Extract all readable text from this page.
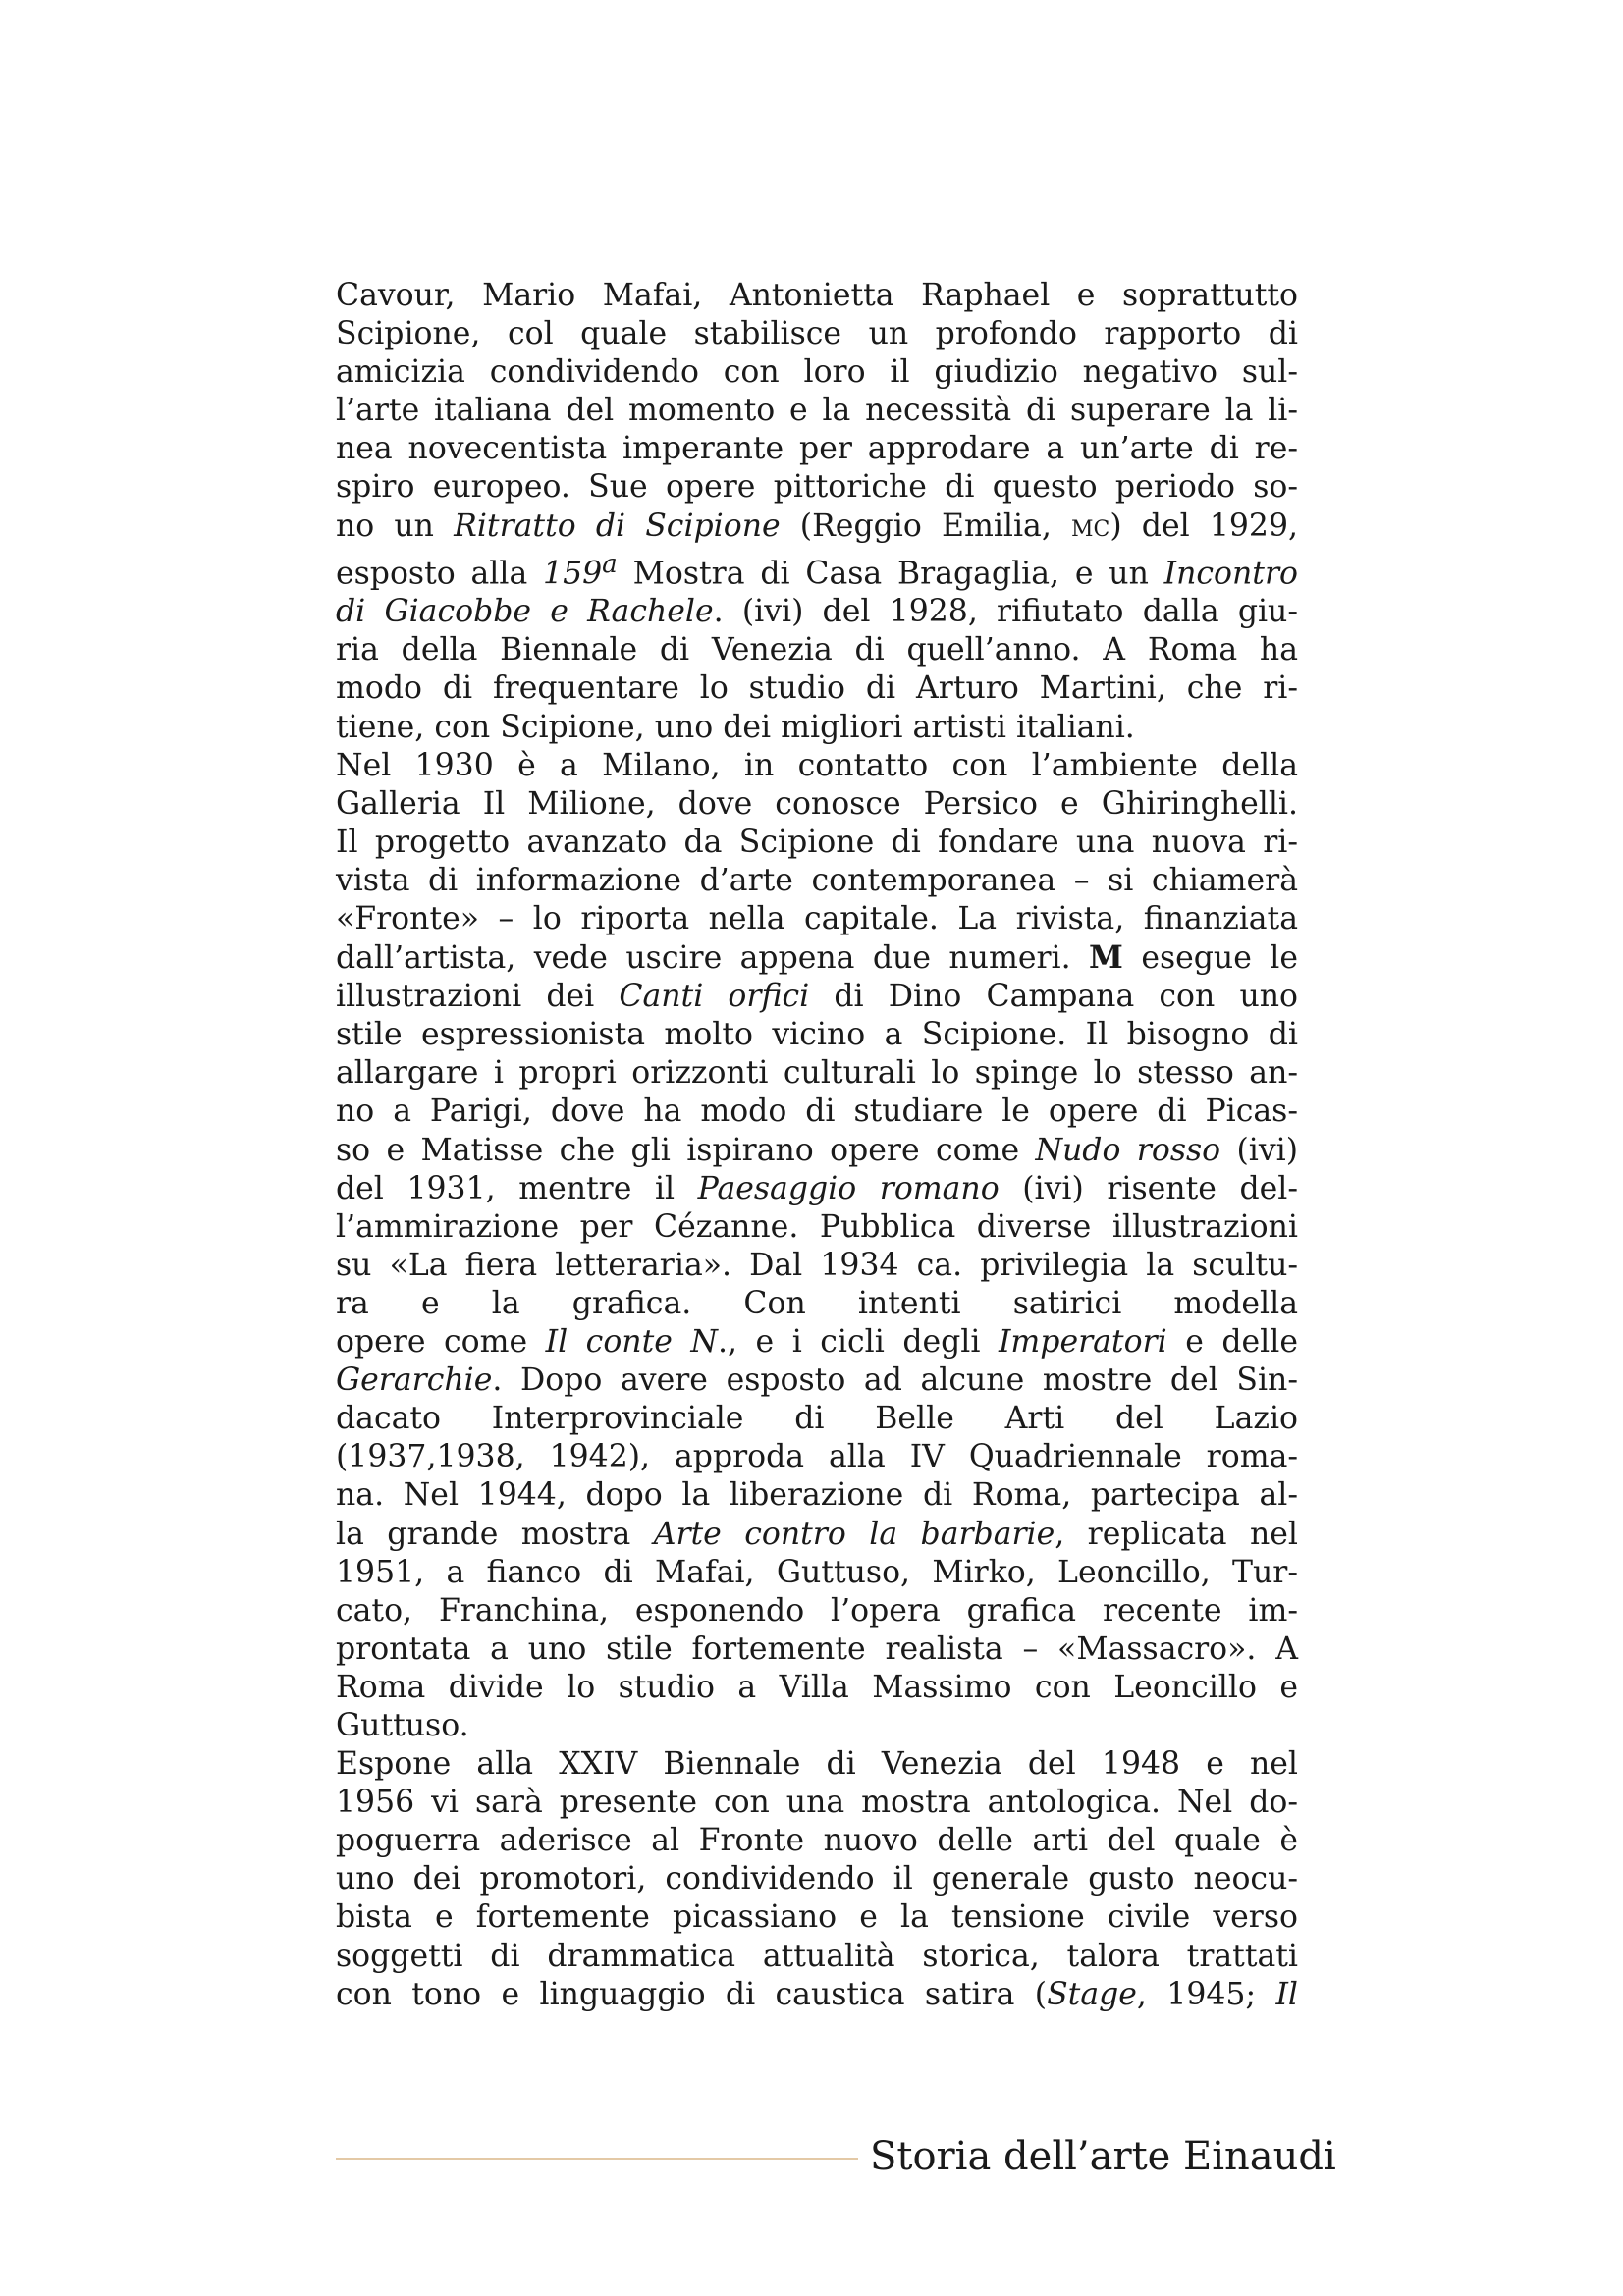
Cavour, Mario Mafai, Antonietta Raphael e soprattutto
Scipione, col quale stabilisce un profondo rapporto di
amicizia condividendo con loro il giudizio negativo sul-
l’arte italiana del momento e la necessità di superare la li-
nea novecentista imperante per approdare a un’arte di re-
spiro europeo. Sue opere pittoriche di questo periodo so-
no un Ritratto di Scipione (Reggio Emilia, mc) del 1929,
esposto alla 159$^a$ Mostra di Casa Bragaglia, e un Incontro
di Giacobbe e Rachele. (ivi) del 1928, rifiutato dalla giu-
ria della Biennale di Venezia di quell’anno. A Roma ha
modo di frequentare lo studio di Arturo Martini, che ri-
tiene, con Scipione, uno dei migliori artisti italiani.
Nel 1930 è a Milano, in contatto con l’ambiente della
Galleria Il Milione, dove conosce Persico e Ghiringhelli.
Il progetto avanzato da Scipione di fondare una nuova ri-
vista di informazione d’arte contemporanea – si chiamerà
«Fronte» – lo riporta nella capitale. La rivista, finanziata
dall’artista, vede uscire appena due numeri. M esegue le
illustrazioni dei Canti orfici di Dino Campana con uno
stile espressionista molto vicino a Scipione. Il bisogno di
allargare i propri orizzonti culturali lo spinge lo stesso an-
no a Parigi, dove ha modo di studiare le opere di Picas-
so e Matisse che gli ispirano opere come Nudo rosso (ivi)
del 1931, mentre il Paesaggio romano (ivi) risente del-
l’ammirazione per Cézanne. Pubblica diverse illustrazioni
su «La fiera letteraria». Dal 1934 ca. privilegia la scultu-
ra e la grafica. Con intenti satirici modella
opere come Il conte N., e i cicli degli Imperatori e delle
Gerarchie. Dopo avere esposto ad alcune mostre del Sin-
dacato Interprovinciale di Belle Arti del Lazio
(1937,1938, 1942), approda alla IV Quadriennale roma-
na. Nel 1944, dopo la liberazione di Roma, partecipa al-
la grande mostra Arte contro la barbarie, replicata nel
1951, a fianco di Mafai, Guttuso, Mirko, Leoncillo, Tur-
cato, Franchina, esponendo l’opera grafica recente im-
prontata a uno stile fortemente realista – «Massacro». A
Roma divide lo studio a Villa Massimo con Leoncillo e
Guttuso.
Espone alla XXIV Biennale di Venezia del 1948 e nel
1956 vi sarà presente con una mostra antologica. Nel do-
poguerra aderisce al Fronte nuovo delle arti del quale è
uno dei promotori, condividendo il generale gusto neocu-
bista e fortemente picassiano e la tensione civile verso
soggetti di drammatica attualità storica, talora trattati
con tono e linguaggio di caustica satira (Stage, 1945; Il
Storia dell’arte Einaudi
